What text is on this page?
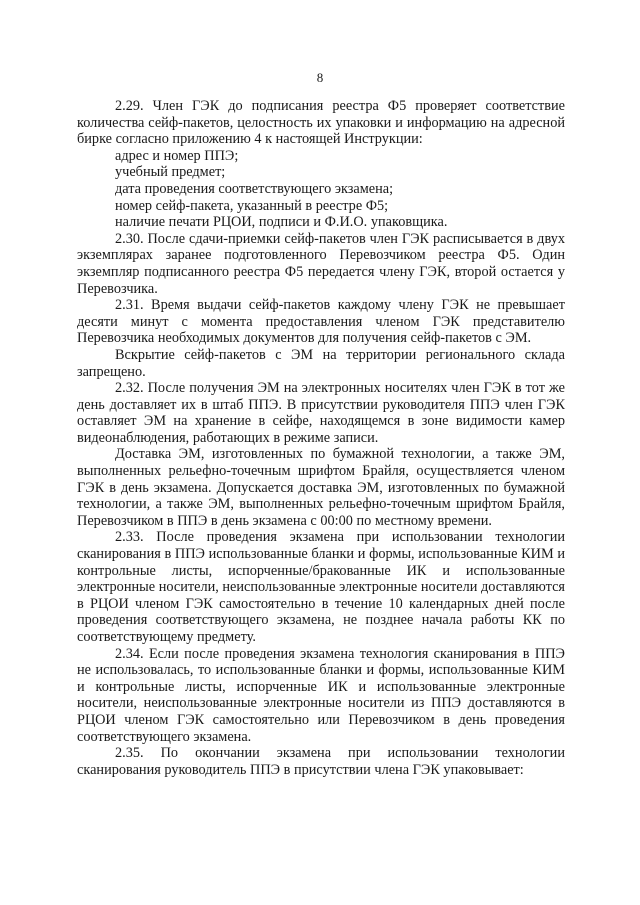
8

2.29. Член ГЭК до подписания реестра Ф5 проверяет соответствие количества сейф-пакетов, целостность их упаковки и информацию на адресной бирке согласно приложению 4 к настоящей Инструкции:

адрес и номер ППЭ;

учебный предмет;

дата проведения соответствующего экзамена;

номер сейф-пакета, указанный в реестре Ф5;

наличие печати РЦОИ, подписи и Ф.И.О. упаковщика.

2.30. После сдачи-приемки сейф-пакетов член ГЭК расписывается в двух экземплярах заранее подготовленного Перевозчиком реестра Ф5. Один экземпляр подписанного реестра Ф5 передается члену ГЭК, второй остается у Перевозчика.

2.31. Время выдачи сейф-пакетов каждому члену ГЭК не превышает десяти минут с момента предоставления членом ГЭК представителю Перевозчика необходимых документов для получения сейф-пакетов с ЭМ.

Вскрытие сейф-пакетов с ЭМ на территории регионального склада запрещено.

2.32. После получения ЭМ на электронных носителях член ГЭК в тот же день доставляет их в штаб ППЭ. В присутствии руководителя ППЭ член ГЭК оставляет ЭМ на хранение в сейфе, находящемся в зоне видимости камер видеонаблюдения, работающих в режиме записи.

Доставка ЭМ, изготовленных по бумажной технологии, а также ЭМ, выполненных рельефно-точечным шрифтом Брайля, осуществляется членом ГЭК в день экзамена. Допускается доставка ЭМ, изготовленных по бумажной технологии, а также ЭМ, выполненных рельефно-точечным шрифтом Брайля, Перевозчиком в ППЭ в день экзамена с 00:00 по местному времени.

2.33. После проведения экзамена при использовании технологии сканирования в ППЭ использованные бланки и формы, использованные КИМ и контрольные листы, испорченные/бракованные ИК и использованные электронные носители, неиспользованные электронные носители доставляются в РЦОИ членом ГЭК самостоятельно в течение 10 календарных дней после проведения соответствующего экзамена, не позднее начала работы КК по соответствующему предмету.

2.34. Если после проведения экзамена технология сканирования в ППЭ не использовалась, то использованные бланки и формы, использованные КИМ и контрольные листы, испорченные ИК и использованные электронные носители, неиспользованные электронные носители из ППЭ доставляются в РЦОИ членом ГЭК самостоятельно или Перевозчиком в день проведения соответствующего экзамена.

2.35. По окончании экзамена при использовании технологии сканирования руководитель ППЭ в присутствии члена ГЭК упаковывает:
